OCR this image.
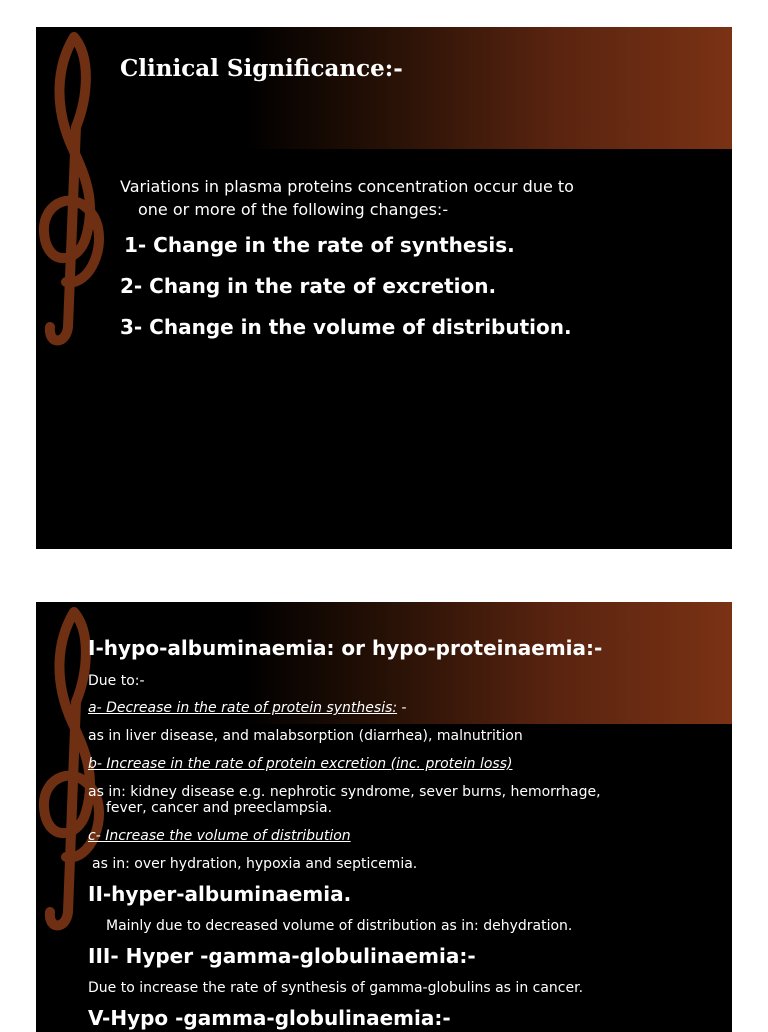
Clinical Significance:-
Variations in plasma proteins concentration occur due to
one or more of the following changes:-
1- Change in the rate of synthesis.
2- Chang in the rate of excretion.
3- Change in the volume of distribution.
I-hypo-albuminaemia: or hypo-proteinaemia:-
Due to:-
a- Decrease in the rate of protein synthesis: -
as in liver disease, and malabsorption (diarrhea), malnutrition
b- Increase in the rate of protein excretion (inc. protein loss)
as in: kidney disease e.g. nephrotic syndrome, sever burns, hemorrhage,
fever, cancer and preeclampsia.
c- Increase the volume of distribution
as in: over hydration, hypoxia and septicemia.
II-hyper-albuminaemia.
Mainly due to decreased volume of distribution as in: dehydration.
III- Hyper -gamma-globulinaemia:-
Due to increase the rate of synthesis of gamma-globulins as in cancer.
V-Hypo -gamma-globulinaemia:-
